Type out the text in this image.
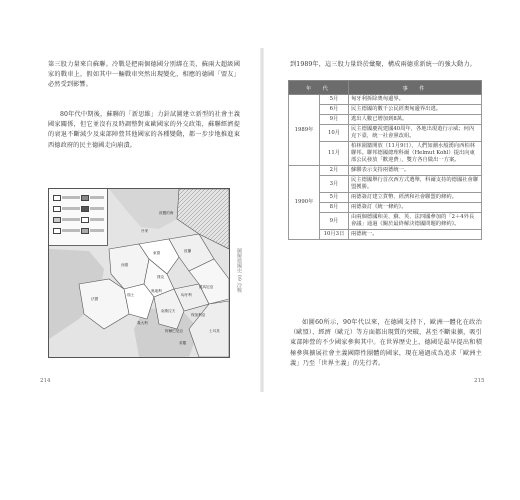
第三股力量來自蘇聯。冷戰是把兩個德國分別綁在美、蘇兩大超級國家的戰車上，假如其中一輛戰車突然出現變化，相應的德國「盟友」必然受到影響。
80年代中期後，蘇聯的「新思維」力針試圖建立新型的社會主義國家關係，但它並沒有及時調整對東歐國家的外交政策，蘇聯經濟提的衰退不斷減少及東部陣營其他國家的各種變動，都一步步地推進東西德政府的民主德國走向崩潰。
丹麥
波羅的海
東德
西德
波蘭
捷克
奧地利
匈牙利
瑞士
法國
義大利
南斯拉夫
羅馬尼亞
保加利亞
阿爾巴尼亞
希臘
土耳其
圖解德國史 09 冷戰
214
到1989年，這三股力量終於彙聚，構成兩德重新統一的強大動力。
年　代		事　件
1989年	5月	匈牙利拆除奧匈邊界。
	6月	民主德國的數千公民經奧匈邊界出逃。
	9月	逃出人數已增加到8萬。
	10月	民主德國慶祝建國40周年，各地出現遊行示威；何內克下臺，統一社會黨改組。
	11月	柏林圍牆開放（11月9日），人們如潮水般湧向西柏林聯邦。聯邦德國總理科爾（Helmut Kohl）提出向東部公民發放「歡迎費」，雙方各自做出一方案。
1990年	2月	蘇聯表示支持兩德統一。
	3月	民主德國舉行首次西方式選舉，科爾支持的德國社會聯盟獲勝。
	5月	兩德簽訂建立貨幣、經濟和社會聯盟的條約。
	8月	兩德簽訂《統一條約》。
	9月	由兩個德國和美、蘇、英、法四國參加的「2＋4外長會議」通過《關於最終解決德國問題的條約》。
	10月3日	兩德統一。
如圖60所示，90年代以來，在德國支持下，歐洲一體化在政治（歐盟）、經濟（歐元）等方面都出現質的突破，甚至不斷東擴，吸引東部陣營的不少國家參與其中。在世界歷史上，德國是最早提出和積極參與擴展社會主義國際性團體的國家，現在通過成為追求「歐洲主義」乃至「世界主義」的先行者。
215
